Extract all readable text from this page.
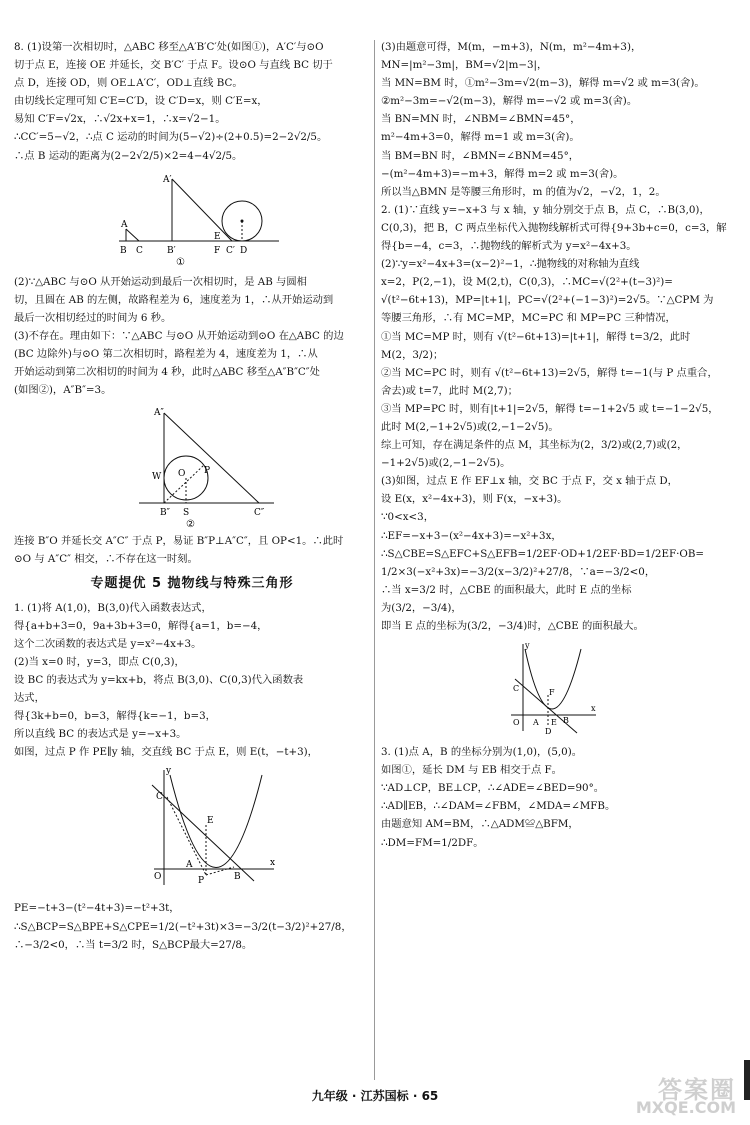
8. (1)设第一次相切时，△ABC 移至△A′B′C′处(如图①)，A′C′与⊙O
切于点 E，连接 OE 并延长，交 B′C′ 于点 F。设⊙O 与直线 BC 切于
点 D，连接 OD，则 OE⊥A′C′，OD⊥直线 BC。
由切线长定理可知 C′E=C′D，设 C′D=x，则 C′E=x，
易知 C′F=√2x，∴√2x+x=1，∴x=√2−1。
∴CC′=5−√2，∴点 C 运动的时间为(5−√2)÷(2+0.5)=2−2√2/5。
∴点 B 运动的距离为(2−2√2/5)×2=4−4√2/5。
A′
A
B C	B′
E
F C′ D
①
(2)∵△ABC 与⊙O 从开始运动到最后一次相切时，是 AB 与圆相
切，且圆在 AB 的左侧，故路程差为 6，速度差为 1，∴从开始运动到
最后一次相切经过的时间为 6 秒。
(3)不存在。理由如下：∵△ABC 与⊙O 从开始运动到⊙O 在△ABC 的边
(BC 边除外)与⊙O 第二次相切时，路程差为 4，速度差为 1，∴从
开始运动到第二次相切的时间为 4 秒，此时△ABC 移至△A″B″C″处
(如图②)，A″B″=3。
A″
W O P
B″ S	C″
②
连接 B″O 并延长交 A″C″ 于点 P，易证 B″P⊥A″C″，且 OP<1。∴此时
⊙O 与 A″C″ 相交，∴不存在这一时刻。
专题提优 5 抛物线与特殊三角形
1. (1)将 A(1,0)，B(3,0)代入函数表达式，
得{a+b+3=0，9a+3b+3=0，解得{a=1，b=−4，
这个二次函数的表达式是 y=x²−4x+3。
(2)当 x=0 时，y=3，即点 C(0,3)，
设 BC 的表达式为 y=kx+b，将点 B(3,0)、C(0,3)代入函数表
达式，
得{3k+b=0，b=3，解得{k=−1，b=3，
所以直线 BC 的表达式是 y=−x+3。
如图，过点 P 作 PE∥y 轴，交直线 BC 于点 E，则 E(t，−t+3)，
y
C
E
O
A
P	B
x
PE=−t+3−(t²−4t+3)=−t²+3t，
∴S△BCP=S△BPE+S△CPE=1/2(−t²+3t)×3=−3/2(t−3/2)²+27/8，
∴−3/2<0，∴当 t=3/2 时，S△BCP最大=27/8。
(3)由题意可得，M(m，−m+3)，N(m，m²−4m+3)，
MN=|m²−3m|，BM=√2|m−3|，
当 MN=BM 时，①m²−3m=√2(m−3)，解得 m=√2 或 m=3(舍)。
②m²−3m=−√2(m−3)，解得 m=−√2 或 m=3(舍)。
当 BN=MN 时，∠NBM=∠BMN=45°，
m²−4m+3=0，解得 m=1 或 m=3(舍)。
当 BM=BN 时，∠BMN=∠BNM=45°，
−(m²−4m+3)=−m+3，解得 m=2 或 m=3(舍)。
所以当△BMN 是等腰三角形时，m 的值为√2，−√2，1，2。
2. (1)∵直线 y=−x+3 与 x 轴，y 轴分别交于点 B，点 C，∴B(3,0)，
C(0,3)，把 B，C 两点坐标代入抛物线解析式可得{9+3b+c=0，c=3，解
得{b=−4，c=3，∴抛物线的解析式为 y=x²−4x+3。
(2)∵y=x²−4x+3=(x−2)²−1，∴抛物线的对称轴为直线
x=2，P(2,−1)，设 M(2,t)，C(0,3)，∴MC=√(2²+(t−3)²)=
√(t²−6t+13)，MP=|t+1|，PC=√(2²+(−1−3)²)=2√5。∵△CPM 为
等腰三角形，∴有 MC=MP，MC=PC 和 MP=PC 三种情况，
①当 MC=MP 时，则有 √(t²−6t+13)=|t+1|，解得 t=3/2，此时
M(2，3/2)；
②当 MC=PC 时，则有 √(t²−6t+13)=2√5，解得 t=−1(与 P 点重合，
舍去)或 t=7，此时 M(2,7)；
③当 MP=PC 时，则有|t+1|=2√5，解得 t=−1+2√5 或 t=−1−2√5，
此时 M(2,−1+2√5)或(2,−1−2√5)。
综上可知，存在满足条件的点 M，其坐标为(2，3/2)或(2,7)或(2，
−1+2√5)或(2,−1−2√5)。
(3)如图，过点 E 作 EF⊥x 轴，交 BC 于点 F，交 x 轴于点 D，
设 E(x，x²−4x+3)，则 F(x，−x+3)。
∵0<x<3，
∴EF=−x+3−(x²−4x+3)=−x²+3x，
∴S△CBE=S△EFC+S△EFB=1/2EF·OD+1/2EF·BD=1/2EF·OB=
1/2×3(−x²+3x)=−3/2(x−3/2)²+27/8，∵a=−3/2<0，
∴当 x=3/2 时，△CBE 的面积最大，此时 E 点的坐标
为(3/2，−3/4)，
即当 E 点的坐标为(3/2，−3/4)时，△CBE 的面积最大。
y
C	F
O A
D
E B
x
3. (1)点 A，B 的坐标分别为(1,0)，(5,0)。
如图①，延长 DM 与 EB 相交于点 F。
∵AD⊥CP，BE⊥CP，∴∠ADE=∠BED=90°。
∴AD∥EB，∴∠DAM=∠FBM，∠MDA=∠MFB。
由题意知 AM=BM，∴△ADM≌△BFM，
∴DM=FM=1/2DF。
九年级 · 江苏国标 · 65	答案圈
MXQE.COM
